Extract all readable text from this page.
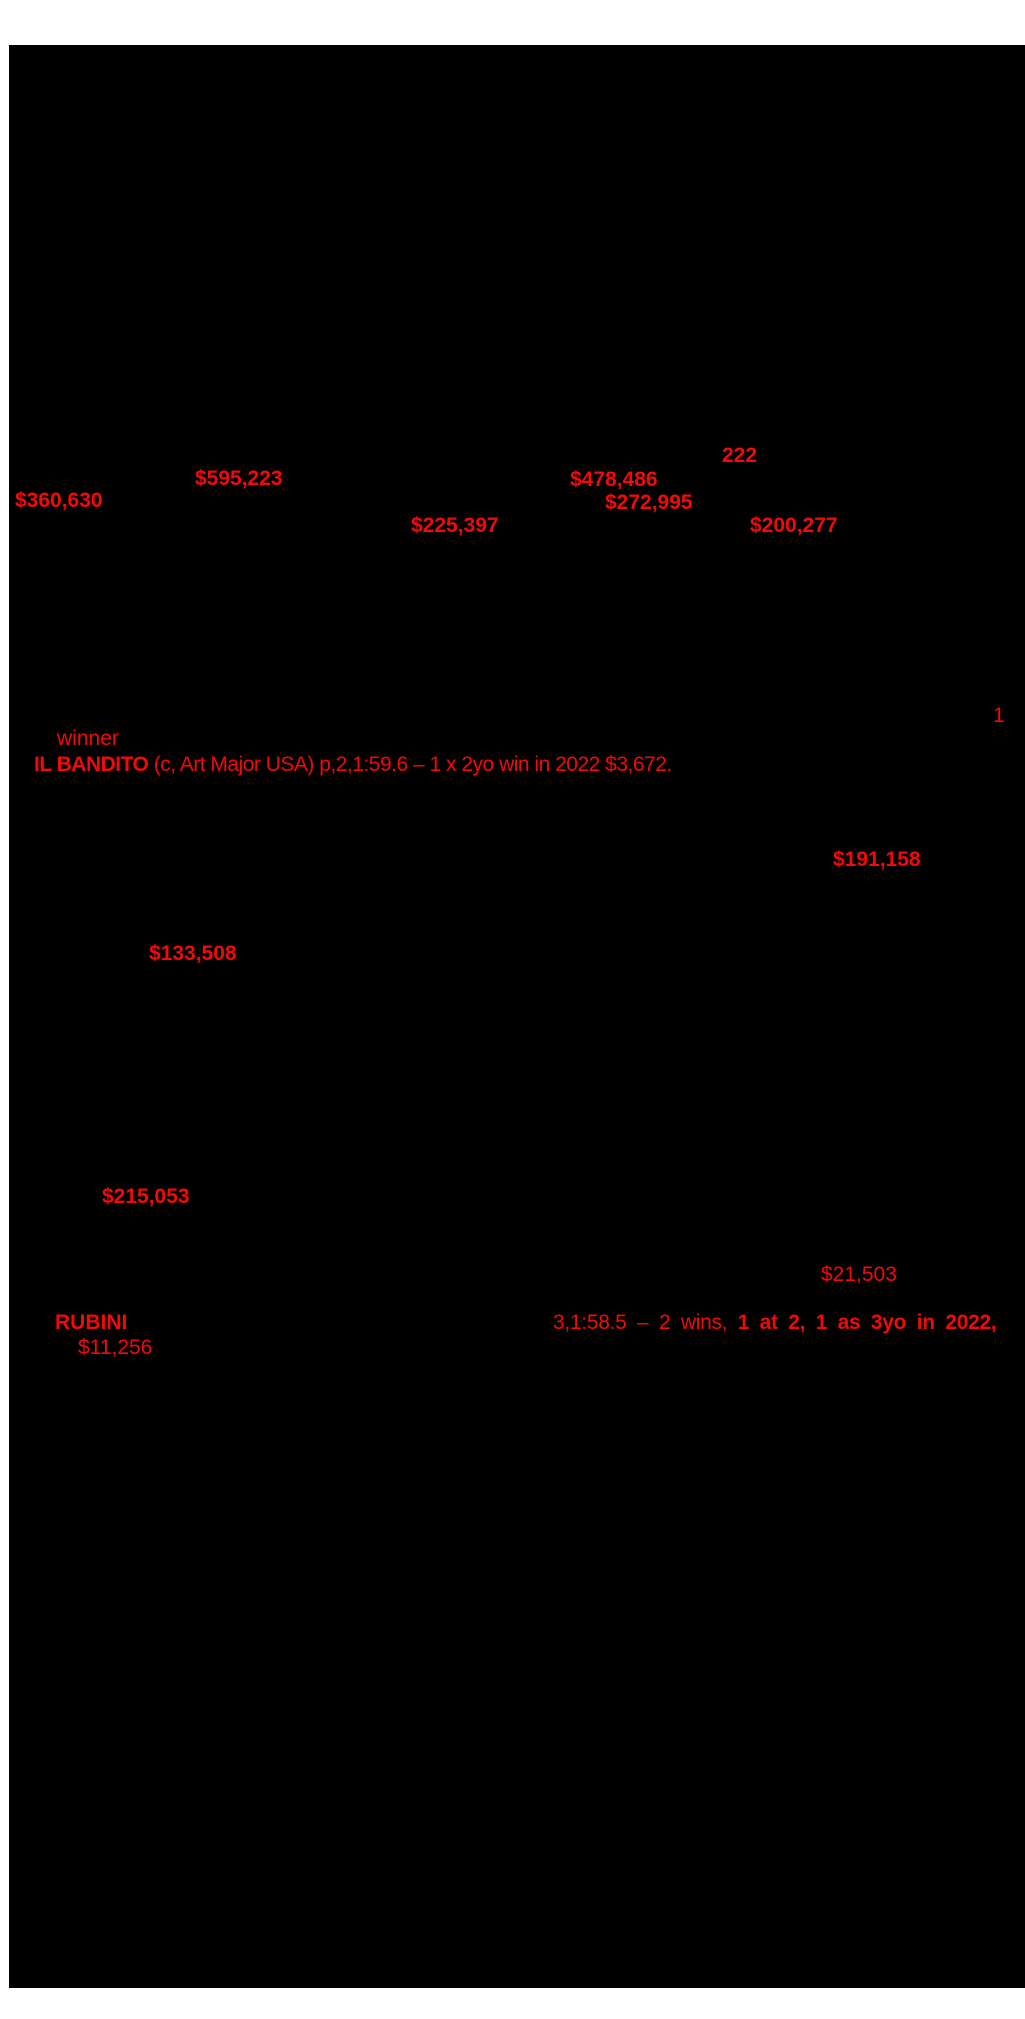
222
$595,223	$478,486
$360,630	$272,995
$225,397	$200,277
1
winner
IL BANDITO (c, Art Major USA) p,2,1:59.6 – 1 x 2yo win in 2022 $3,672.
$191,158
$133,508
$215,053
$21,503
RUBINI	3,1:58.5 – 2 wins, 1 at 2, 1 as 3yo in 2022,
$11,256
